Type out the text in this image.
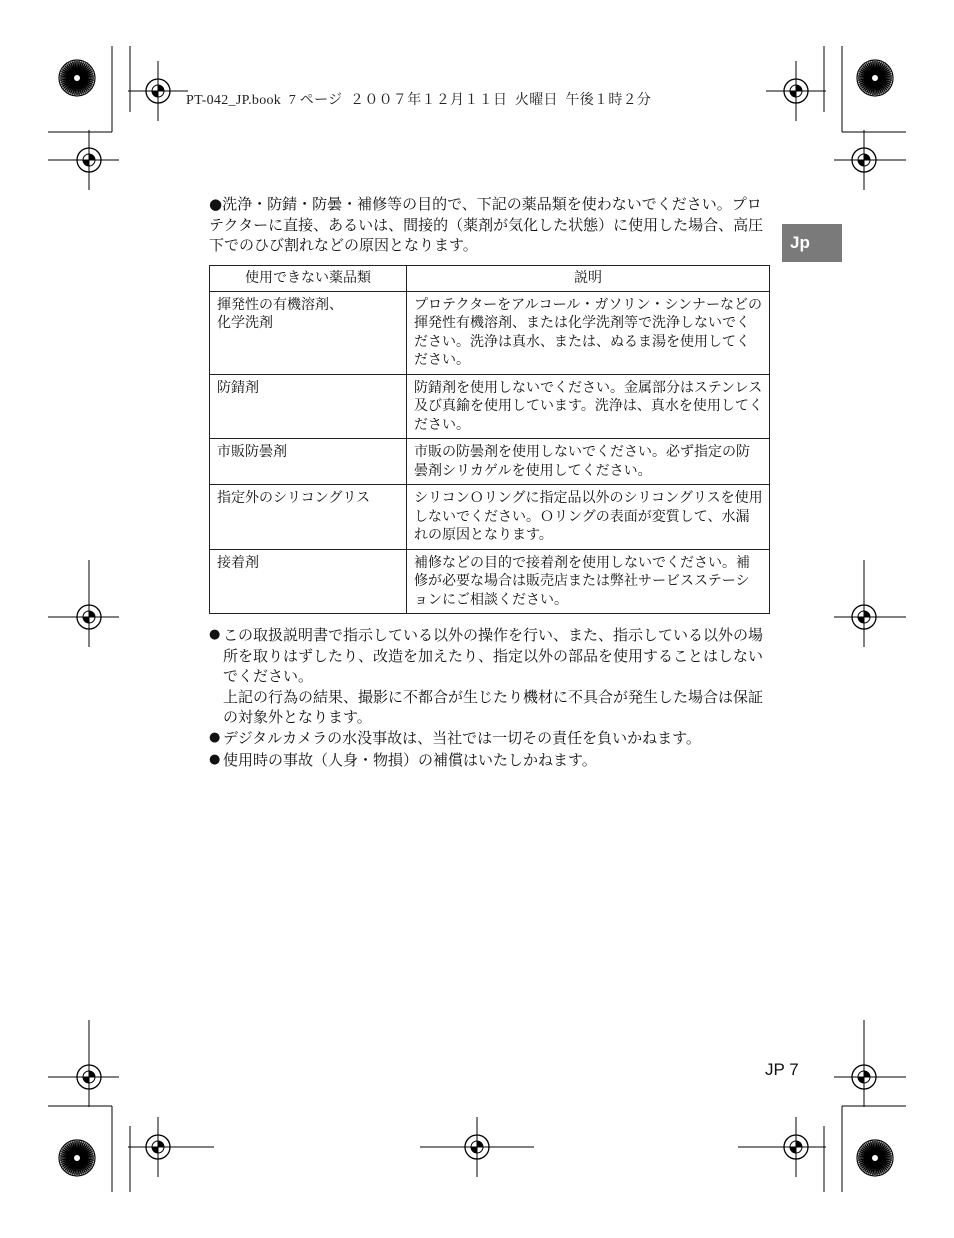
PT-042_JP.book  7 ページ  ２００７年１２月１１日  火曜日  午後１時２分
Jp

●洗浄・防錆・防曇・補修等の目的で、下記の薬品類を使わないでください。プロテクターに直接、あるいは、間接的（薬剤が気化した状態）に使用した場合、高圧下でのひび割れなどの原因となります。

使用できない薬品類	説明
揮発性の有機溶剤、
化学洗剤	プロテクターをアルコール・ガソリン・シンナーなどの揮発性有機溶剤、または化学洗剤等で洗浄しないでください。洗浄は真水、または、ぬるま湯を使用してください。
防錆剤	防錆剤を使用しないでください。金属部分はステンレス及び真鍮を使用しています。洗浄は、真水を使用してください。
市販防曇剤	市販の防曇剤を使用しないでください。必ず指定の防曇剤シリカゲルを使用してください。
指定外のシリコングリス	シリコンＯリングに指定品以外のシリコングリスを使用しないでください。Ｏリングの表面が変質して、水漏れの原因となります。
接着剤	補修などの目的で接着剤を使用しないでください。補修が必要な場合は販売店または弊社サービスステーションにご相談ください。

● この取扱説明書で指示している以外の操作を行い、また、指示している以外の場所を取りはずしたり、改造を加えたり、指定以外の部品を使用することはしないでください。

上記の行為の結果、撮影に不都合が生じたり機材に不具合が発生した場合は保証の対象外となります。

● デジタルカメラの水没事故は、当社では一切その責任を負いかねます。

● 使用時の事故（人身・物損）の補償はいたしかねます。

JP 7
